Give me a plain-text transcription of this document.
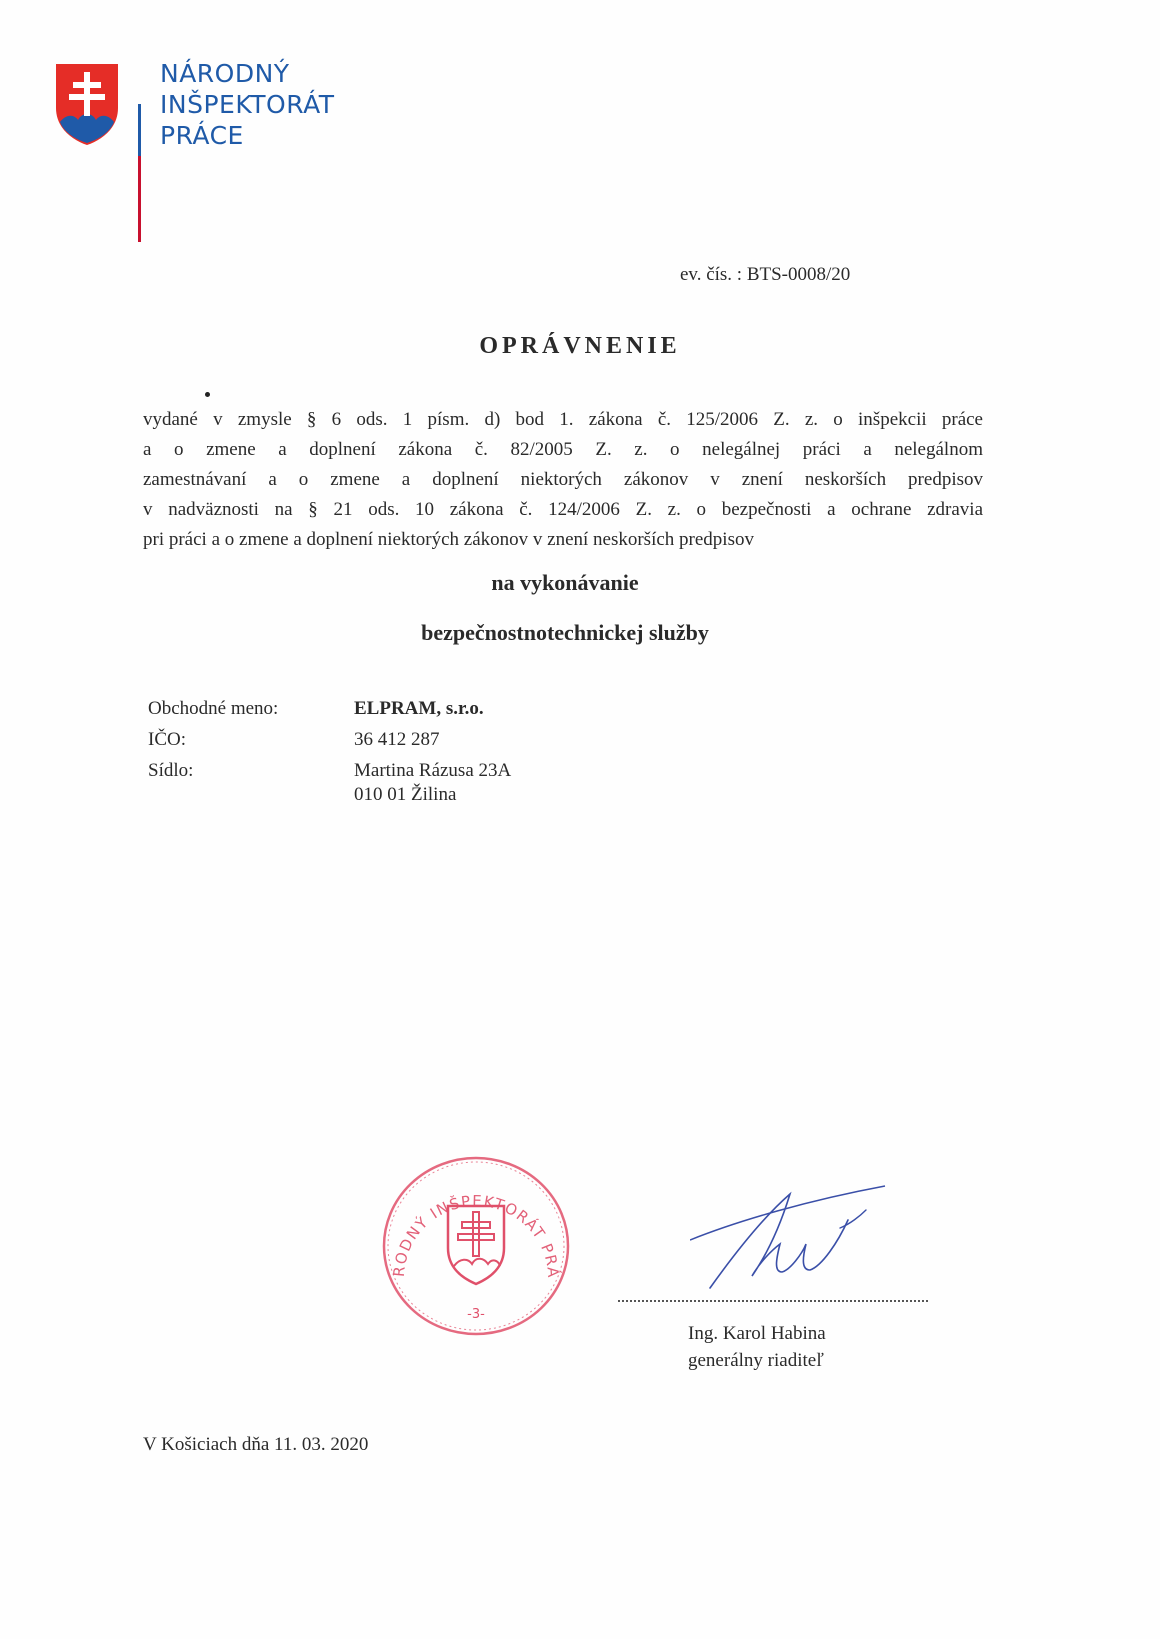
NÁRODNÝ
INŠPEKTORÁT
PRÁCE
ev. čís. : BTS-0008/20
OPRÁVNENIE
vydané v zmysle § 6 ods. 1 písm. d) bod 1. zákona č. 125/2006 Z. z. o inšpekcii práce
a o zmene a doplnení zákona č. 82/2005 Z. z. o nelegálnej práci a nelegálnom
zamestnávaní a o zmene a doplnení niektorých zákonov v znení neskorších predpisov
v nadväznosti na § 21 ods. 10 zákona č. 124/2006 Z. z. o bezpečnosti a ochrane zdravia
pri práci a o zmene a doplnení niektorých zákonov v znení neskorších predpisov
na vykonávanie
bezpečnostnotechnickej služby
Obchodné meno:	ELPRAM, s.r.o.
IČO:	36 412 287
Sídlo:	Martina Rázusa 23A
010 01 Žilina
RODNÝ INŠPEKTORÁT PRÁ
-3-
Ing. Karol Habina
generálny riaditeľ
V Košiciach dňa 11. 03. 2020
